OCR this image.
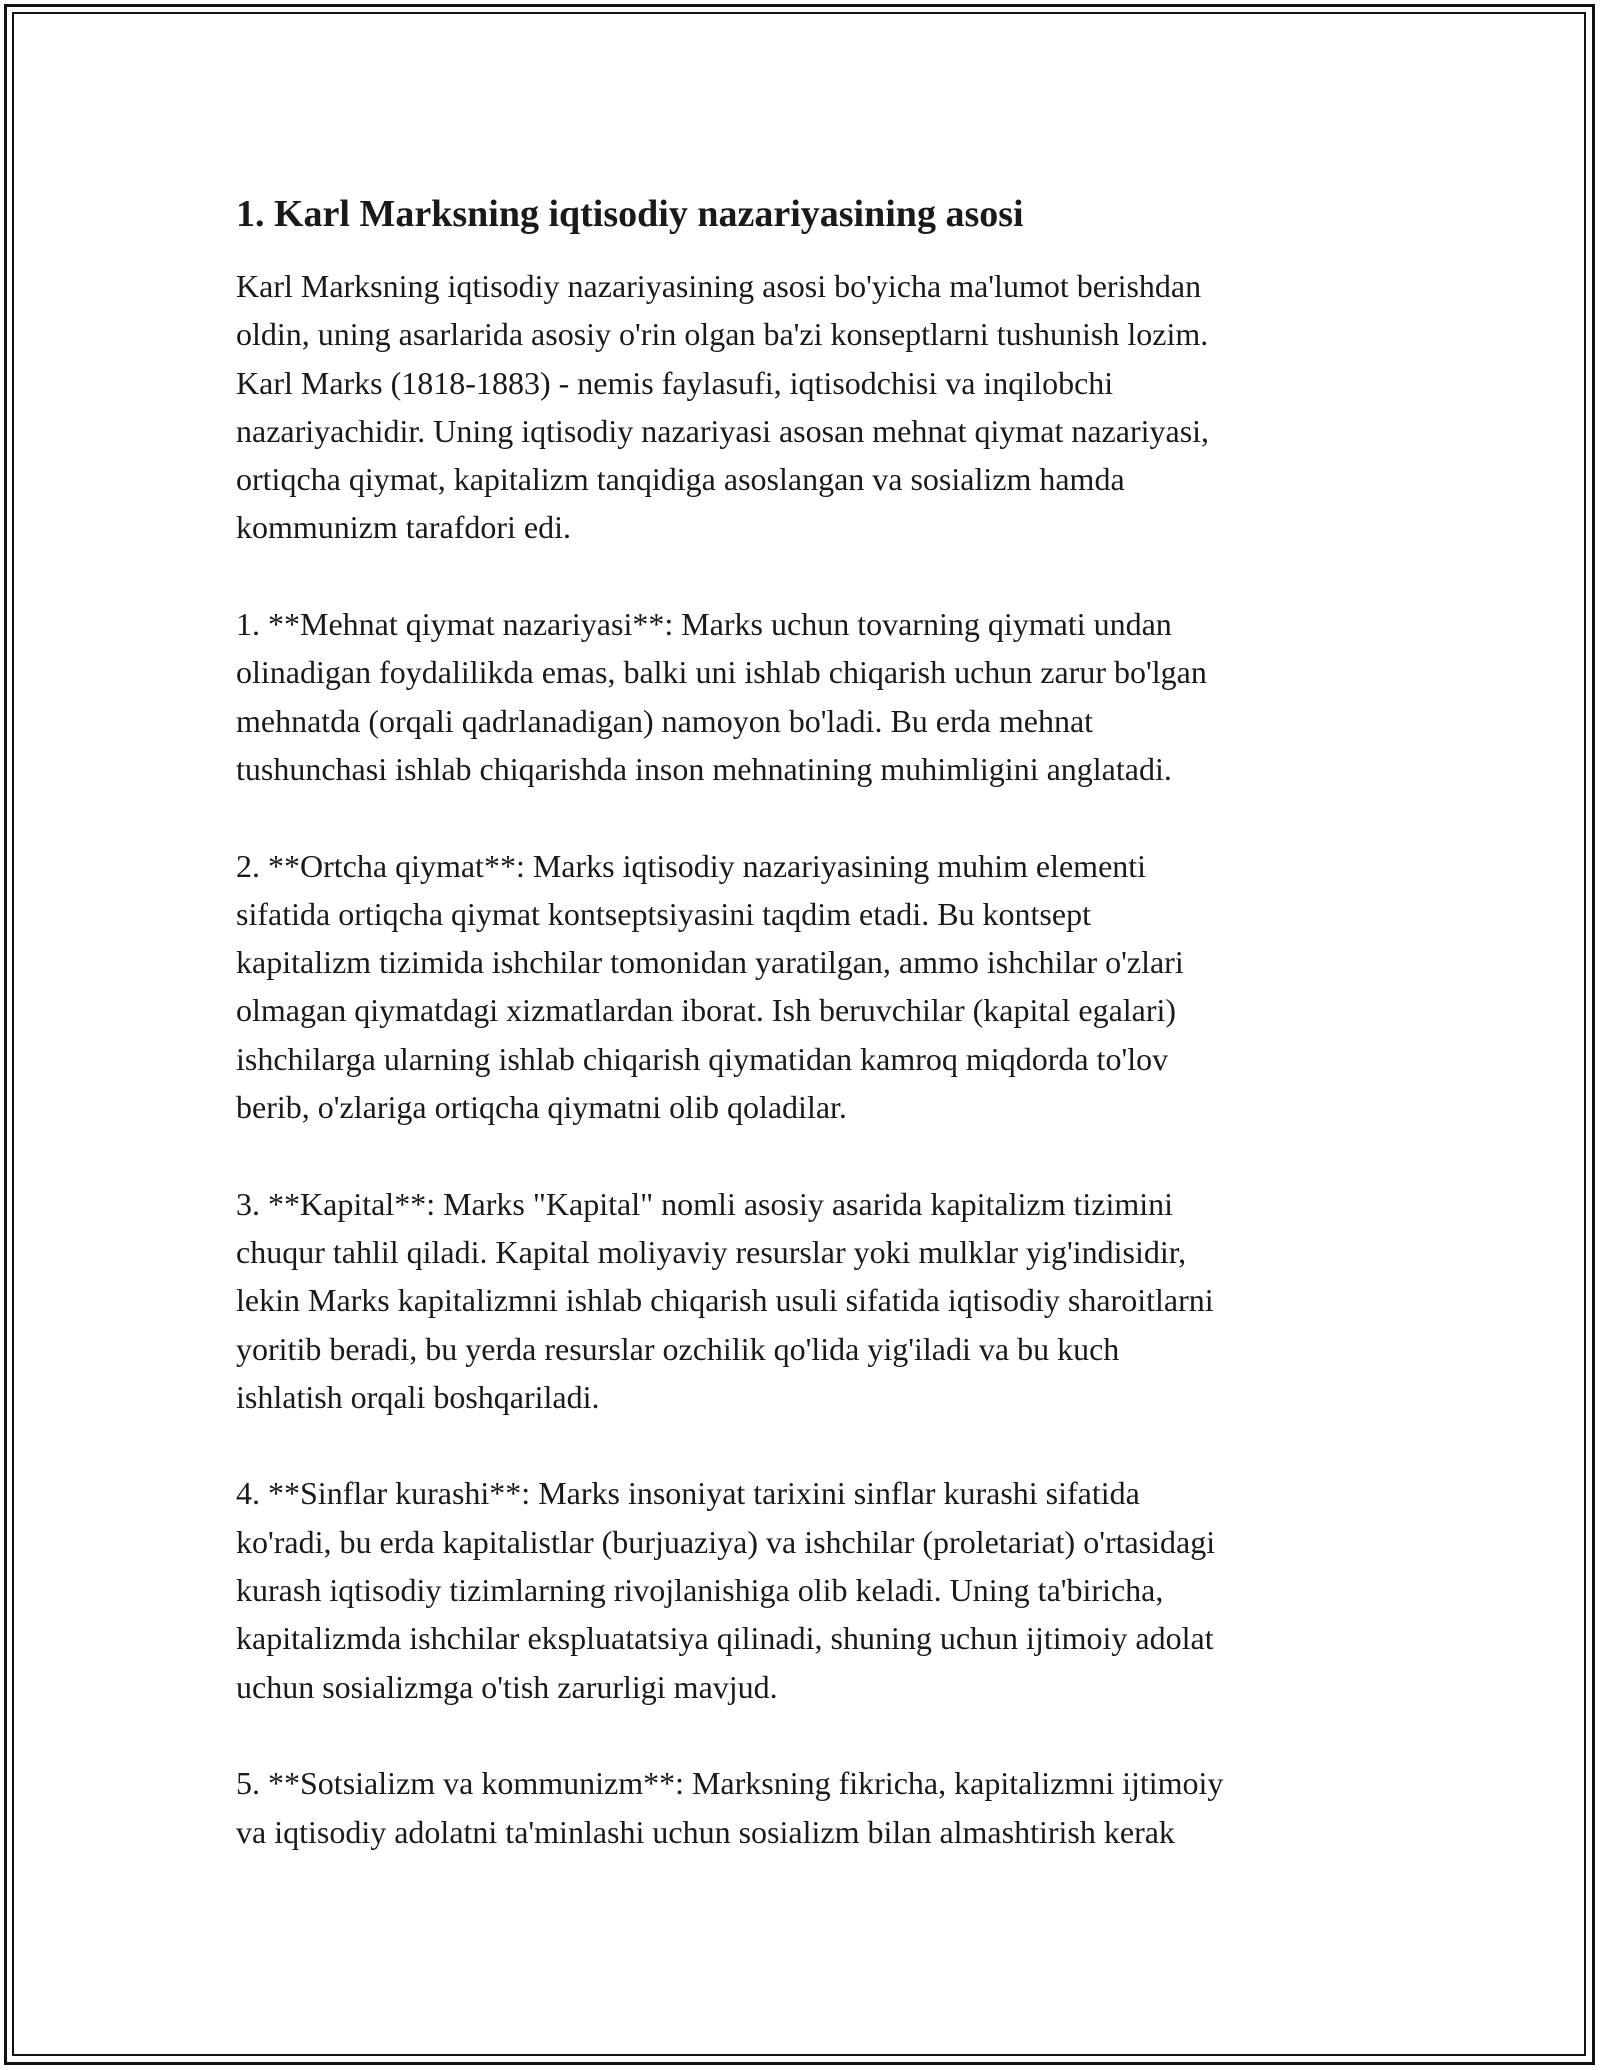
1. Karl Marksning iqtisodiy nazariyasining asosi

Karl Marksning iqtisodiy nazariyasining asosi bo'yicha ma'lumot berishdan
oldin, uning asarlarida asosiy o'rin olgan ba'zi konseptlarni tushunish lozim.
Karl Marks (1818-1883) - nemis faylasufi, iqtisodchisi va inqilobchi
nazariyachidir. Uning iqtisodiy nazariyasi asosan mehnat qiymat nazariyasi,
ortiqcha qiymat, kapitalizm tanqidiga asoslangan va sosializm hamda
kommunizm tarafdori edi.

1. **Mehnat qiymat nazariyasi**: Marks uchun tovarning qiymati undan
olinadigan foydalilikda emas, balki uni ishlab chiqarish uchun zarur bo'lgan
mehnatda (orqali qadrlanadigan) namoyon bo'ladi. Bu erda mehnat
tushunchasi ishlab chiqarishda inson mehnatining muhimligini anglatadi.

2. **Ortcha qiymat**: Marks iqtisodiy nazariyasining muhim elementi
sifatida ortiqcha qiymat kontseptsiyasini taqdim etadi. Bu kontsept
kapitalizm tizimida ishchilar tomonidan yaratilgan, ammo ishchilar o'zlari
olmagan qiymatdagi xizmatlardan iborat. Ish beruvchilar (kapital egalari)
ishchilarga ularning ishlab chiqarish qiymatidan kamroq miqdorda to'lov
berib, o'zlariga ortiqcha qiymatni olib qoladilar.

3. **Kapital**: Marks "Kapital" nomli asosiy asarida kapitalizm tizimini
chuqur tahlil qiladi. Kapital moliyaviy resurslar yoki mulklar yig'indisidir,
lekin Marks kapitalizmni ishlab chiqarish usuli sifatida iqtisodiy sharoitlarni
yoritib beradi, bu yerda resurslar ozchilik qo'lida yig'iladi va bu kuch
ishlatish orqali boshqariladi.

4. **Sinflar kurashi**: Marks insoniyat tarixini sinflar kurashi sifatida
ko'radi, bu erda kapitalistlar (burjuaziya) va ishchilar (proletariat) o'rtasidagi
kurash iqtisodiy tizimlarning rivojlanishiga olib keladi. Uning ta'biricha,
kapitalizmda ishchilar ekspluatatsiya qilinadi, shuning uchun ijtimoiy adolat
uchun sosializmga o'tish zarurligi mavjud.

5. **Sotsializm va kommunizm**: Marksning fikricha, kapitalizmni ijtimoiy
va iqtisodiy adolatni ta'minlashi uchun sosializm bilan almashtirish kerak
